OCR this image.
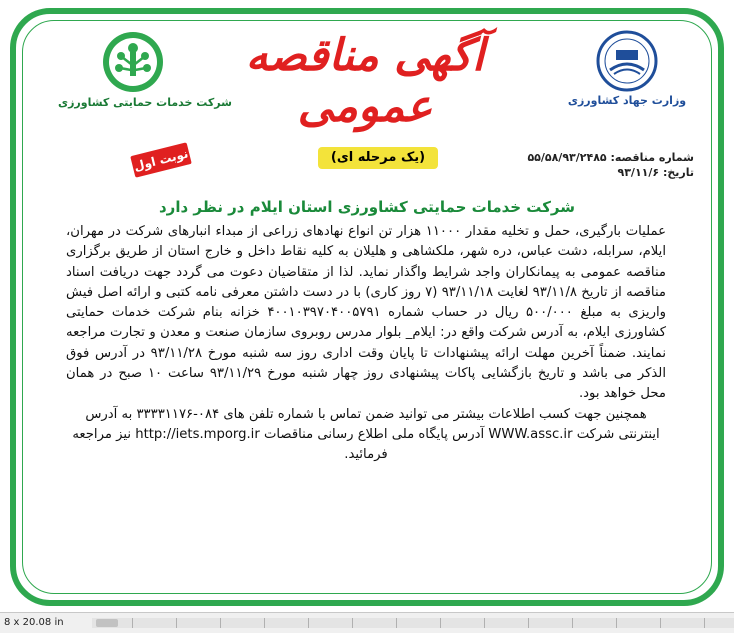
وزارت جهاد کشاورزی
شرکت خدمات حمایتی کشاورزی
آگهی مناقصه عمومی
(یک مرحله ای)	شماره مناقصه: ۵۵/۵۸/۹۳/۲۴۸۵
تاریخ: ۹۳/۱۱/۶
نوبت اول
شرکت خدمات حمایتی کشاورزی استان ایلام در نظر دارد

عملیات بارگیری، حمل و تخلیه مقدار ۱۱۰۰۰ هزار تن انواع نهادهای زراعی از مبداء انبارهای شرکت در مهران، ایلام، سرابله، دشت عباس، دره شهر، ملکشاهی و هلیلان به کلیه نقاط داخل و خارج استان از طریق برگزاری مناقصه عمومی به پیمانکاران واجد شرایط واگذار نماید. لذا از متقاضیان دعوت می گردد جهت دریافت اسناد مناقصه از تاریخ ۹۳/۱۱/۸ لغایت ۹۳/۱۱/۱۸ (۷ روز کاری) با در دست داشتن معرفی نامه کتبی و ارائه اصل فیش واریزی به مبلغ ۵۰۰/۰۰۰ ریال در حساب شماره ۴۰۰۱۰۳۹۷۰۴۰۰۵۷۹۱ خزانه بنام شرکت خدمات حمایتی کشاورزی ایلام، به آدرس شرکت واقع در: ایلام_ بلوار مدرس روبروی سازمان صنعت و معدن و تجارت مراجعه نمایند. ضمناً آخرین مهلت ارائه پیشنهادات تا پایان وقت اداری روز سه شنبه مورخ ۹۳/۱۱/۲۸ در آدرس فوق الذکر می باشد و تاریخ بازگشایی پاکات پیشنهادی روز چهار شنبه مورخ ۹۳/۱۱/۲۹ ساعت ۱۰ صبح در همان محل خواهد بود.

همچنین جهت کسب اطلاعات بیشتر می توانید ضمن تماس با شماره تلفن های ۰۸۴-۳۳۳۳۱۱۷۶ به آدرس اینترنتی شرکت WWW.assc.ir آدرس پایگاه ملی اطلاع رسانی مناقصات http://iets.mporg.ir نیز مراجعه فرمائید.

8 x 20.08 in
